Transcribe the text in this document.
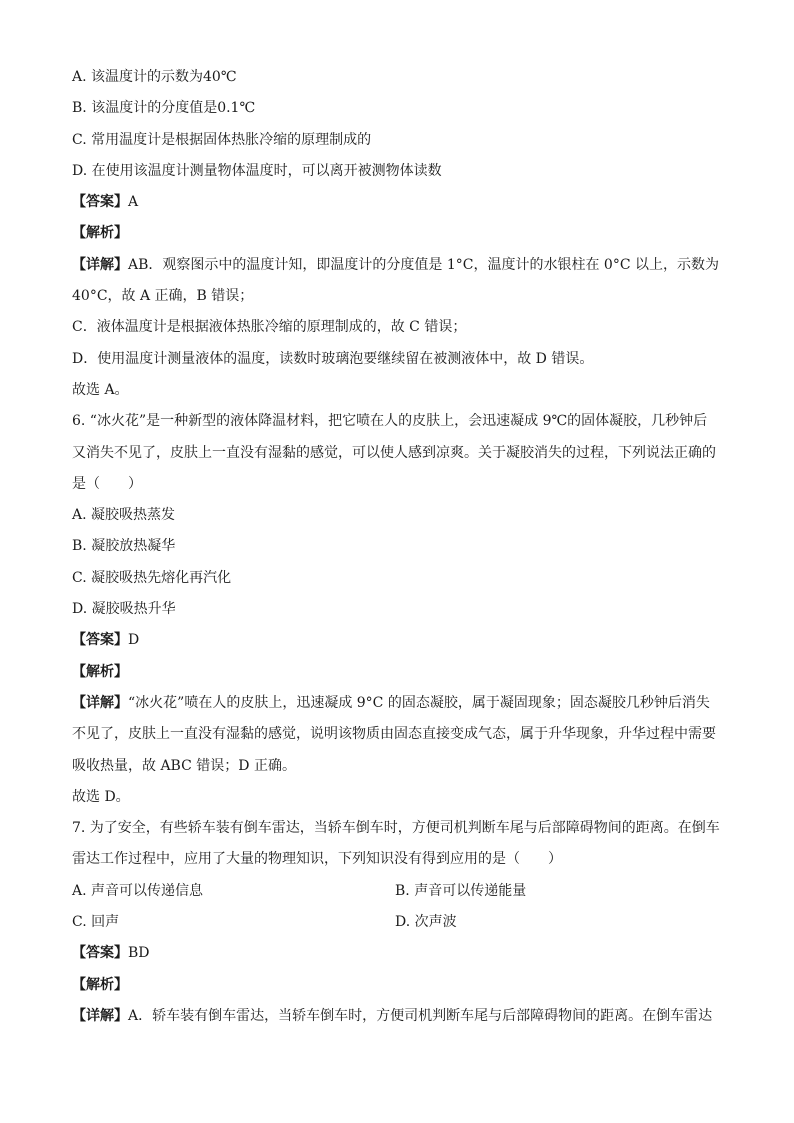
A. 该温度计的示数为40℃
B. 该温度计的分度值是0.1℃
C. 常用温度计是根据固体热胀冷缩的原理制成的
D. 在使用该温度计测量物体温度时，可以离开被测物体读数
【答案】A
【解析】
【详解】AB．观察图示中的温度计知，即温度计的分度值是 1°C，温度计的水银柱在 0°C 以上，示数为
40°C，故 A 正确，B 错误；
C．液体温度计是根据液体热胀冷缩的原理制成的，故 C 错误；
D．使用温度计测量液体的温度，读数时玻璃泡要继续留在被测液体中，故 D 错误。
故选 A。
6. “冰火花”是一种新型的液体降温材料，把它喷在人的皮肤上，会迅速凝成 9℃的固体凝胶，几秒钟后
又消失不见了，皮肤上一直没有湿黏的感觉，可以使人感到凉爽。关于凝胶消失的过程，下列说法正确的
是（　　）
A. 凝胶吸热蒸发
B. 凝胶放热凝华
C. 凝胶吸热先熔化再汽化
D. 凝胶吸热升华
【答案】D
【解析】
【详解】“冰火花”喷在人的皮肤上，迅速凝成 9°C 的固态凝胶，属于凝固现象；固态凝胶几秒钟后消失
不见了，皮肤上一直没有湿黏的感觉，说明该物质由固态直接变成气态，属于升华现象，升华过程中需要
吸收热量，故 ABC 错误；D 正确。
故选 D。
7. 为了安全，有些轿车装有倒车雷达，当轿车倒车时，方便司机判断车尾与后部障碍物间的距离。在倒车
雷达工作过程中，应用了大量的物理知识，下列知识没有得到应用的是（　　）
A. 声音可以传递信息	B. 声音可以传递能量
C. 回声	D. 次声波
【答案】BD
【解析】
【详解】A．轿车装有倒车雷达，当轿车倒车时，方便司机判断车尾与后部障碍物间的距离。在倒车雷达
